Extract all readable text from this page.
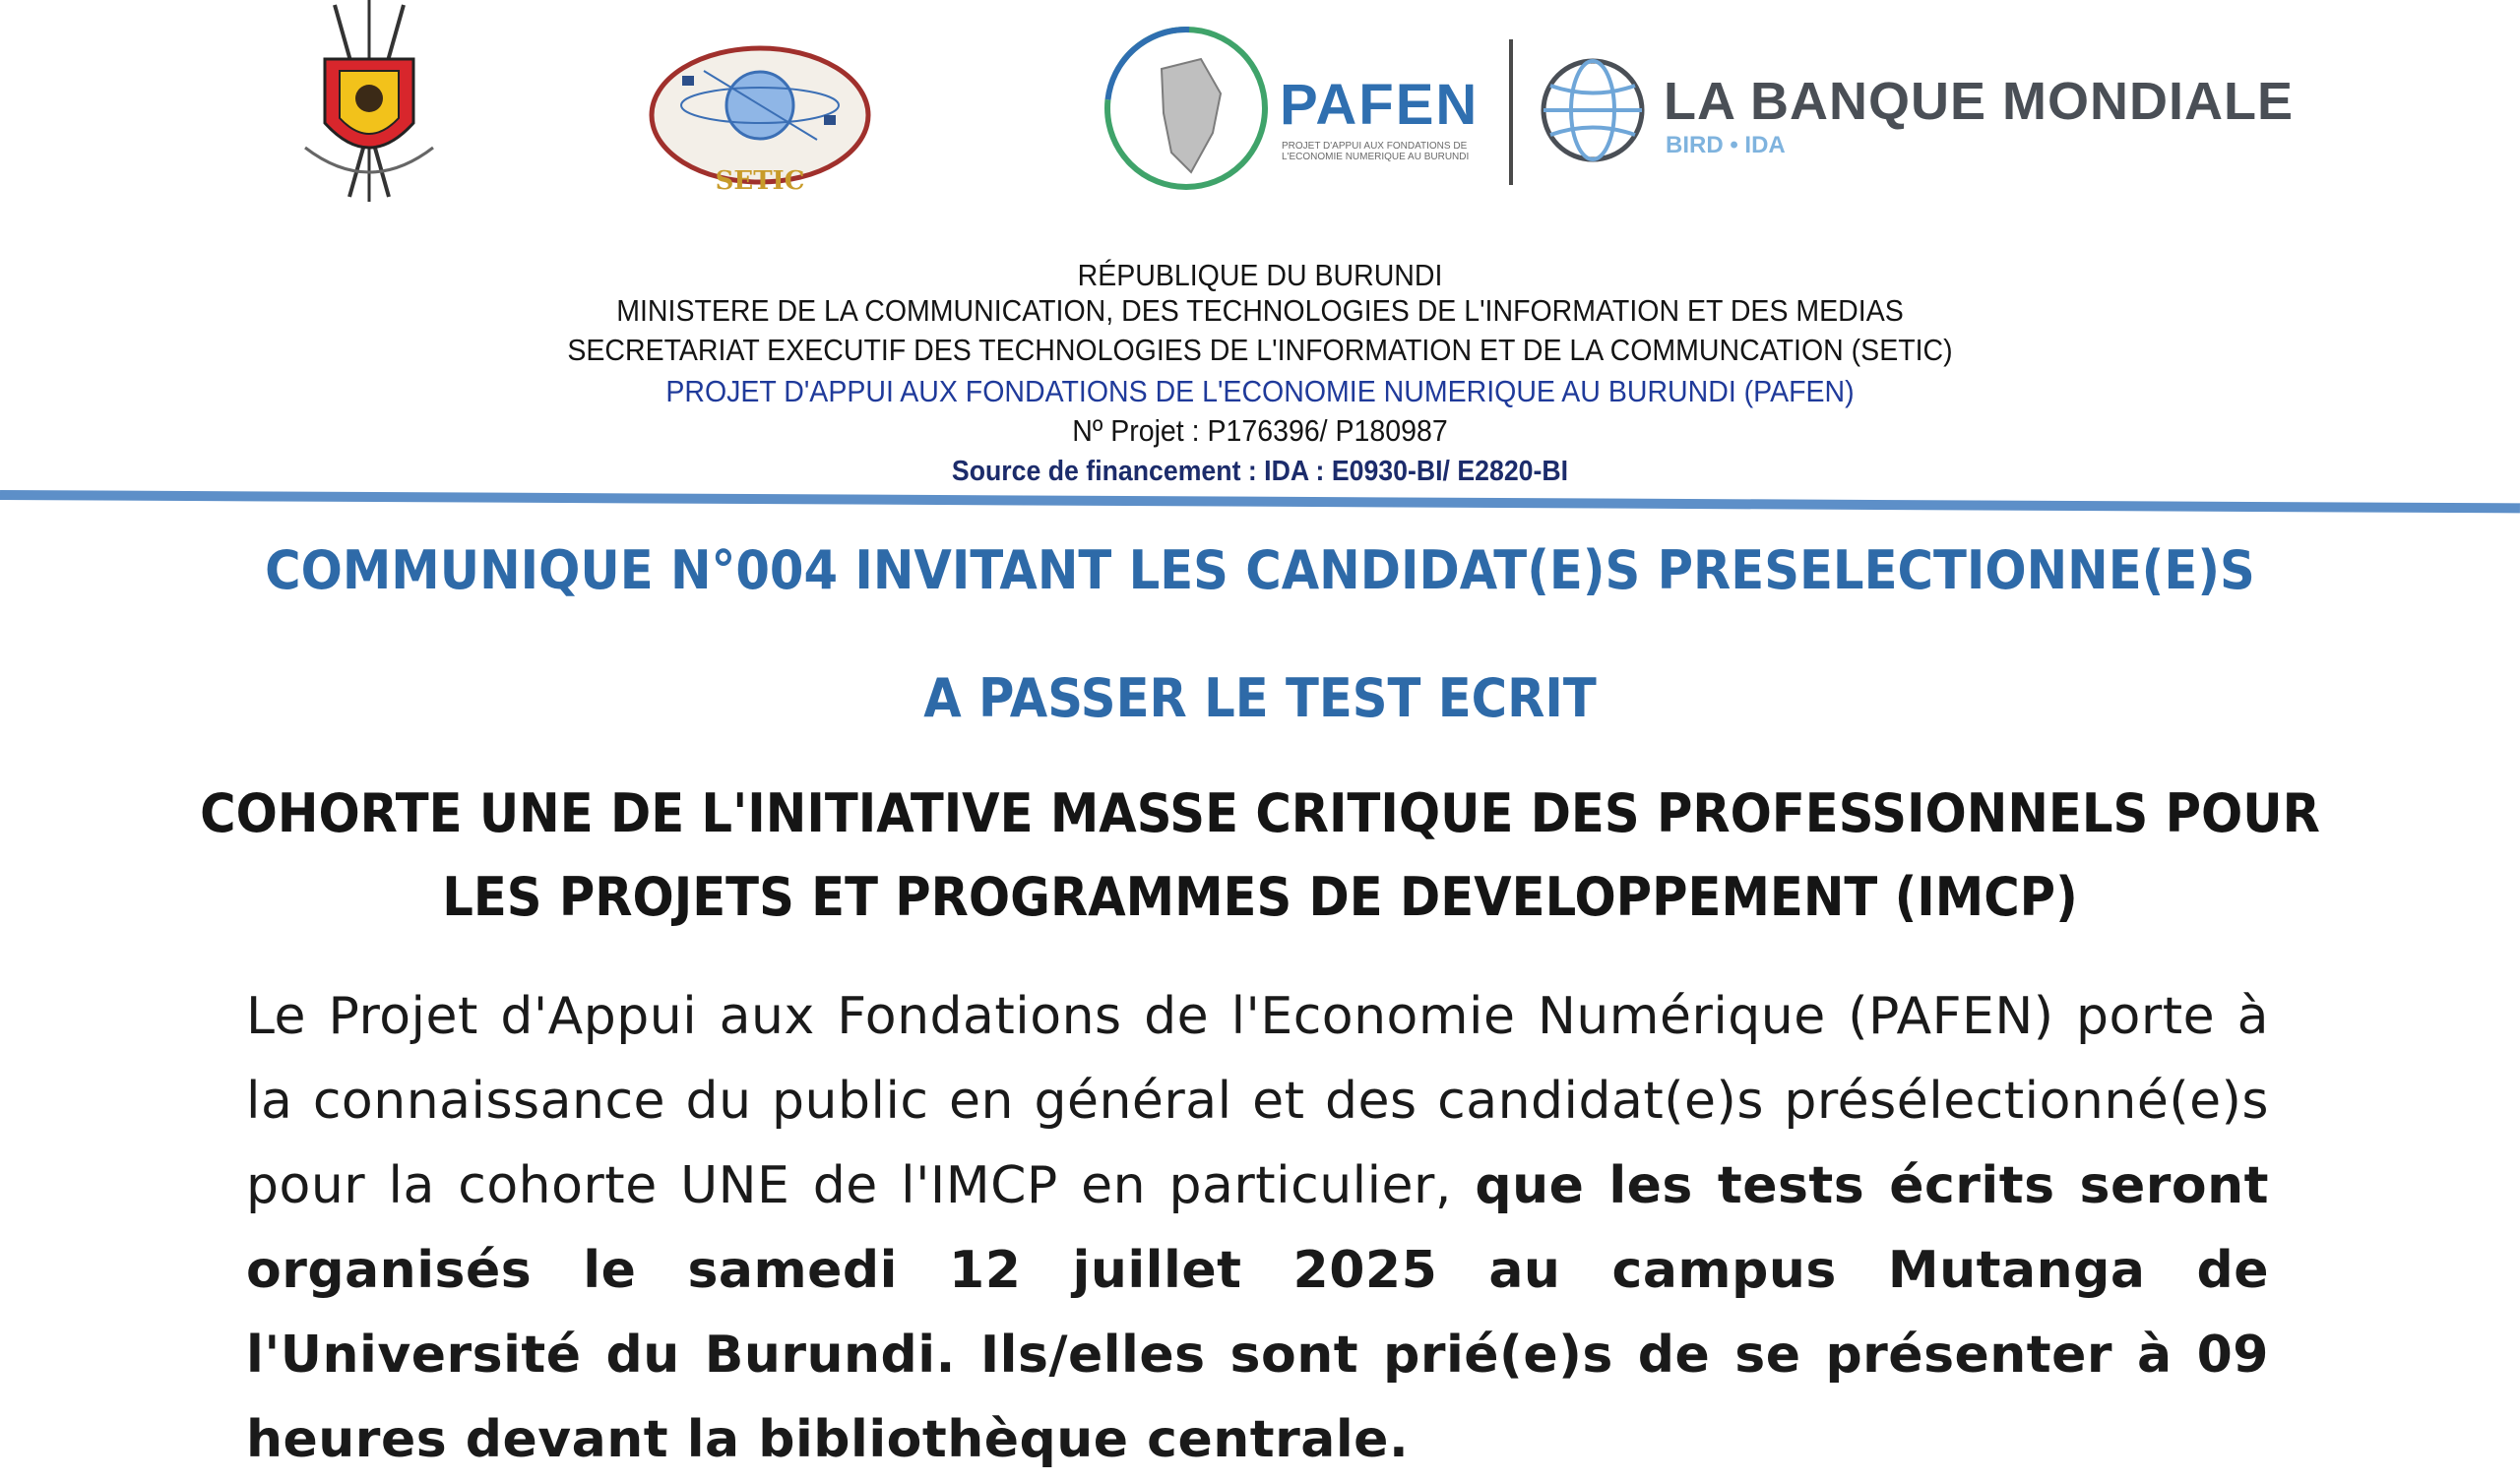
SETIC
PAFEN
PROJET D'APPUI AUX FONDATIONS DE L'ECONOMIE NUMERIQUE AU BURUNDI
LA BANQUE MONDIALE
BIRD • IDA
RÉPUBLIQUE DU BURUNDI
MINISTERE DE LA COMMUNICATION, DES TECHNOLOGIES DE L'INFORMATION ET DES MEDIAS
SECRETARIAT EXECUTIF DES TECHNOLOGIES DE L'INFORMATION ET DE LA COMMUNCATION (SETIC)
PROJET D'APPUI AUX FONDATIONS DE L'ECONOMIE NUMERIQUE AU BURUNDI (PAFEN)
Nº Projet : P176396/ P180987
Source de financement : IDA : E0930-BI/ E2820-BI
COMMUNIQUE N°004 INVITANT LES CANDIDAT(E)S PRESELECTIONNE(E)S
A PASSER LE TEST ECRIT
COHORTE UNE DE L'INITIATIVE MASSE CRITIQUE DES PROFESSIONNELS POUR
LES PROJETS ET PROGRAMMES DE DEVELOPPEMENT (IMCP)
Le Projet d'Appui aux Fondations de l'Economie Numérique (PAFEN) porte à la connaissance du public en général et des candidat(e)s présélectionné(e)s pour la cohorte UNE de l'IMCP en particulier, que les tests écrits seront organisés le samedi 12 juillet 2025 au campus Mutanga de l'Université du Burundi. Ils/elles sont prié(e)s de se présenter à 09 heures devant la bibliothèque centrale.
